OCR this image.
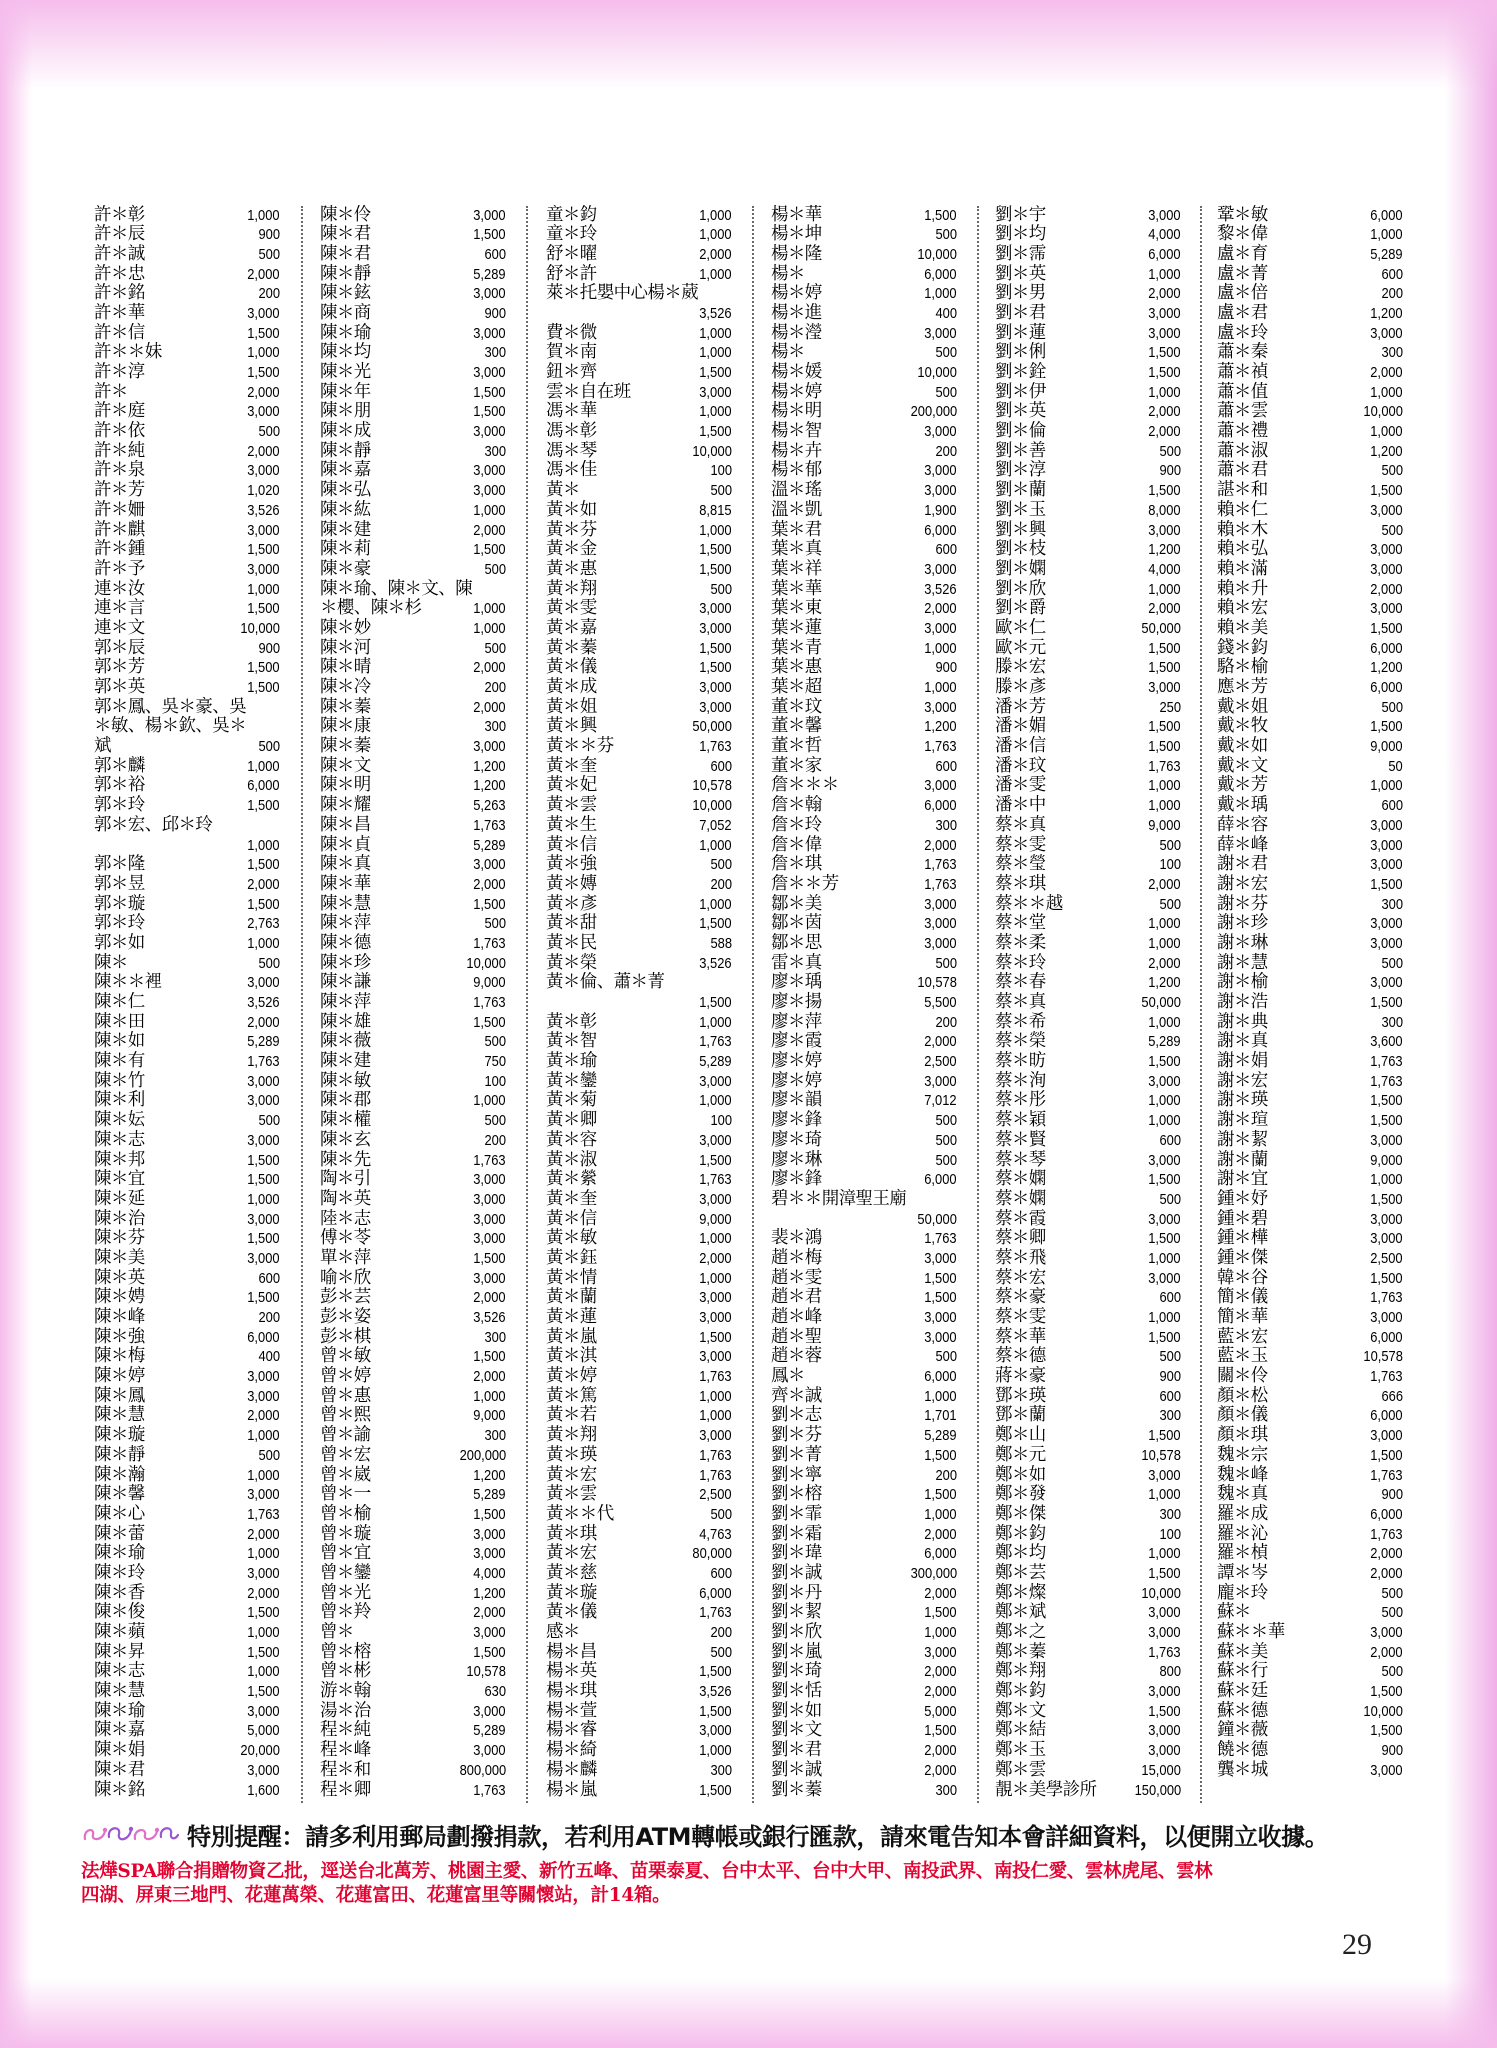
許＊彰	1,000
許＊辰	900
許＊誠	500
許＊忠	2,000
許＊銘	200
許＊華	3,000
許＊信	1,500
許＊＊妹	1,000
許＊淳	1,500
許＊	2,000
許＊庭	3,000
許＊依	500
許＊純	2,000
許＊泉	3,000
許＊芳	1,020
許＊姍	3,526
許＊麒	3,000
許＊鍾	1,500
許＊予	3,000
連＊汝	1,000
連＊言	1,500
連＊文	10,000
郭＊辰	900
郭＊芳	1,500
郭＊英	1,500
郭＊鳳、吳＊豪、吳
＊敏、楊＊欽、吳＊
斌	500
郭＊麟	1,000
郭＊裕	6,000
郭＊玲	1,500
郭＊宏、邱＊玲
1,000
郭＊隆	1,500
郭＊昱	2,000
郭＊璇	1,500
郭＊玲	2,763
郭＊如	1,000
陳＊	500
陳＊＊裡	3,000
陳＊仁	3,526
陳＊田	2,000
陳＊如	5,289
陳＊有	1,763
陳＊竹	3,000
陳＊利	3,000
陳＊妘	500
陳＊志	3,000
陳＊邦	1,500
陳＊宜	1,500
陳＊延	1,000
陳＊治	3,000
陳＊芬	1,500
陳＊美	3,000
陳＊英	600
陳＊娉	1,500
陳＊峰	200
陳＊強	6,000
陳＊梅	400
陳＊婷	3,000
陳＊鳳	3,000
陳＊慧	2,000
陳＊璇	1,000
陳＊靜	500
陳＊瀚	1,000
陳＊馨	3,000
陳＊心	1,763
陳＊蕾	2,000
陳＊瑜	1,000
陳＊玲	3,000
陳＊香	2,000
陳＊俊	1,500
陳＊蘋	1,000
陳＊昇	1,500
陳＊志	1,000
陳＊慧	1,500
陳＊瑜	3,000
陳＊嘉	5,000
陳＊娟	20,000
陳＊君	3,000
陳＊銘	1,600
陳＊伶	3,000
陳＊君	1,500
陳＊君	600
陳＊靜	5,289
陳＊鉉	3,000
陳＊商	900
陳＊瑜	3,000
陳＊均	300
陳＊光	3,000
陳＊年	1,500
陳＊朋	1,500
陳＊成	3,000
陳＊靜	300
陳＊嘉	3,000
陳＊弘	3,000
陳＊紘	1,000
陳＊建	2,000
陳＊莉	1,500
陳＊豪	500
陳＊瑜、陳＊文、陳
＊櫻、陳＊杉	1,000
陳＊妙	1,000
陳＊河	500
陳＊晴	2,000
陳＊冷	200
陳＊蓁	2,000
陳＊康	300
陳＊蓁	3,000
陳＊文	1,200
陳＊明	1,200
陳＊耀	5,263
陳＊昌	1,763
陳＊貞	5,289
陳＊真	3,000
陳＊華	2,000
陳＊慧	1,500
陳＊萍	500
陳＊德	1,763
陳＊珍	10,000
陳＊謙	9,000
陳＊萍	1,763
陳＊雄	1,500
陳＊薇	500
陳＊建	750
陳＊敏	100
陳＊郡	1,000
陳＊權	500
陳＊玄	200
陳＊先	1,763
陶＊引	3,000
陶＊英	3,000
陸＊志	3,000
傅＊苓	3,000
單＊萍	1,500
喻＊欣	3,000
彭＊芸	2,000
彭＊姿	3,526
彭＊棋	300
曾＊敏	1,500
曾＊婷	2,000
曾＊惠	1,000
曾＊熙	9,000
曾＊諭	300
曾＊宏	200,000
曾＊崴	1,200
曾＊一	5,289
曾＊榆	1,500
曾＊璇	3,000
曾＊宜	3,000
曾＊鑾	4,000
曾＊光	1,200
曾＊羚	2,000
曾＊	3,000
曾＊榕	1,500
曾＊彬	10,578
游＊翰	630
湯＊治	3,000
程＊純	5,289
程＊峰	3,000
程＊和	800,000
程＊卿	1,763
童＊鈞	1,000
童＊玲	1,000
舒＊曜	2,000
舒＊許	1,000
萊＊托嬰中心楊＊葳
3,526
費＊微	1,000
賀＊南	1,000
鈕＊齊	1,500
雲＊自在班	3,000
馮＊華	1,000
馮＊彰	1,500
馮＊琴	10,000
馮＊佳	100
黃＊	500
黃＊如	8,815
黃＊芬	1,000
黃＊金	1,500
黃＊惠	1,500
黃＊翔	500
黃＊雯	3,000
黃＊嘉	3,000
黃＊蓁	1,500
黃＊儀	1,500
黃＊成	3,000
黃＊姐	3,000
黃＊興	50,000
黃＊＊芬	1,763
黃＊奎	600
黃＊妃	10,578
黃＊雲	10,000
黃＊生	7,052
黃＊信	1,000
黃＊強	500
黃＊嫥	200
黃＊彥	1,000
黃＊甜	1,500
黃＊民	588
黃＊榮	3,526
黃＊倫、蕭＊菁
1,500
黃＊彰	1,000
黃＊智	1,763
黃＊瑜	5,289
黃＊鑾	3,000
黃＊菊	1,000
黃＊卿	100
黃＊容	3,000
黃＊淑	1,500
黃＊縈	1,763
黃＊奎	3,000
黃＊信	9,000
黃＊敏	1,000
黃＊鈺	2,000
黃＊情	1,000
黃＊蘭	3,000
黃＊蓮	3,000
黃＊嵐	1,500
黃＊淇	3,000
黃＊婷	1,763
黃＊篤	1,000
黃＊若	1,000
黃＊翔	3,000
黃＊瑛	1,763
黃＊宏	1,763
黃＊雲	2,500
黃＊＊代	500
黃＊琪	4,763
黃＊宏	80,000
黃＊慈	600
黃＊璇	6,000
黃＊儀	1,763
感＊	200
楊＊昌	500
楊＊英	1,500
楊＊琪	3,526
楊＊萱	1,500
楊＊睿	3,000
楊＊綺	1,000
楊＊麟	300
楊＊嵐	1,500
楊＊華	1,500
楊＊坤	500
楊＊隆	10,000
楊＊	6,000
楊＊婷	1,000
楊＊進	400
楊＊瀅	3,000
楊＊	500
楊＊媛	10,000
楊＊婷	500
楊＊明	200,000
楊＊智	3,000
楊＊卉	200
楊＊郁	3,000
溫＊瑤	3,000
溫＊凱	1,900
葉＊君	6,000
葉＊真	600
葉＊祥	3,000
葉＊華	3,526
葉＊東	2,000
葉＊蓮	3,000
葉＊青	1,000
葉＊惠	900
葉＊超	1,000
董＊玟	3,000
董＊馨	1,200
董＊哲	1,763
董＊家	600
詹＊＊＊	3,000
詹＊翰	6,000
詹＊玲	300
詹＊偉	2,000
詹＊琪	1,763
詹＊＊芳	1,763
鄒＊美	3,000
鄒＊茵	3,000
鄒＊思	3,000
雷＊真	500
廖＊瑀	10,578
廖＊揚	5,500
廖＊萍	200
廖＊霞	2,000
廖＊婷	2,500
廖＊婷	3,000
廖＊韻	7,012
廖＊鋒	500
廖＊琦	500
廖＊琳	500
廖＊鋒	6,000
碧＊＊開漳聖王廟
50,000
裴＊鴻	1,763
趙＊梅	3,000
趙＊雯	1,500
趙＊君	1,500
趙＊峰	3,000
趙＊聖	3,000
趙＊蓉	500
鳳＊	6,000
齊＊誠	1,000
劉＊志	1,701
劉＊芬	5,289
劉＊菁	1,500
劉＊寧	200
劉＊榕	1,500
劉＊霏	1,000
劉＊霜	2,000
劉＊瑋	6,000
劉＊誠	300,000
劉＊丹	2,000
劉＊絜	1,500
劉＊欣	1,000
劉＊嵐	3,000
劉＊琦	2,000
劉＊恬	2,000
劉＊如	5,000
劉＊文	1,500
劉＊君	2,000
劉＊誠	2,000
劉＊蓁	300
劉＊宇	3,000
劉＊均	4,000
劉＊霈	6,000
劉＊英	1,000
劉＊男	2,000
劉＊君	3,000
劉＊蓮	3,000
劉＊俐	1,500
劉＊銓	1,500
劉＊伊	1,000
劉＊英	2,000
劉＊倫	2,000
劉＊善	500
劉＊淳	900
劉＊蘭	1,500
劉＊玉	8,000
劉＊興	3,000
劉＊枝	1,200
劉＊嫻	4,000
劉＊欣	1,000
劉＊爵	2,000
歐＊仁	50,000
歐＊元	1,500
滕＊宏	1,500
滕＊彥	3,000
潘＊芳	250
潘＊媚	1,500
潘＊信	1,500
潘＊玟	1,763
潘＊雯	1,000
潘＊中	1,000
蔡＊真	9,000
蔡＊雯	500
蔡＊瑩	100
蔡＊琪	2,000
蔡＊＊越	500
蔡＊堂	1,000
蔡＊柔	1,000
蔡＊玲	2,000
蔡＊春	1,200
蔡＊真	50,000
蔡＊希	1,000
蔡＊榮	5,289
蔡＊昉	1,500
蔡＊洵	3,000
蔡＊彤	1,000
蔡＊穎	1,000
蔡＊賢	600
蔡＊琴	3,000
蔡＊嫻	1,500
蔡＊嫻	500
蔡＊霞	3,000
蔡＊卿	1,500
蔡＊飛	1,000
蔡＊宏	3,000
蔡＊豪	600
蔡＊雯	1,000
蔡＊華	1,500
蔡＊德	500
蔣＊豪	900
鄧＊瑛	600
鄧＊蘭	300
鄭＊山	1,500
鄭＊元	10,578
鄭＊如	3,000
鄭＊發	1,000
鄭＊傑	300
鄭＊鈞	100
鄭＊均	1,000
鄭＊芸	1,500
鄭＊燦	10,000
鄭＊斌	3,000
鄭＊之	3,000
鄭＊蓁	1,763
鄭＊翔	800
鄭＊鈞	3,000
鄭＊文	1,500
鄭＊結	3,000
鄭＊玉	3,000
鄭＊雲	15,000
靚＊美學診所	150,000
鞏＊敏	6,000
黎＊偉	1,000
盧＊育	5,289
盧＊菁	600
盧＊倍	200
盧＊君	1,200
盧＊玲	3,000
蕭＊秦	300
蕭＊禎	2,000
蕭＊值	1,000
蕭＊雲	10,000
蕭＊禮	1,000
蕭＊淑	1,200
蕭＊君	500
諶＊和	1,500
賴＊仁	3,000
賴＊木	500
賴＊弘	3,000
賴＊滿	3,000
賴＊升	2,000
賴＊宏	3,000
賴＊美	1,500
錢＊鈞	6,000
駱＊榆	1,200
應＊芳	6,000
戴＊姐	500
戴＊牧	1,500
戴＊如	9,000
戴＊文	50
戴＊芳	1,000
戴＊瑀	600
薛＊容	3,000
薛＊峰	3,000
謝＊君	3,000
謝＊宏	1,500
謝＊芬	300
謝＊珍	3,000
謝＊琳	3,000
謝＊慧	500
謝＊榆	3,000
謝＊浩	1,500
謝＊典	300
謝＊真	3,600
謝＊娟	1,763
謝＊宏	1,763
謝＊瑛	1,500
謝＊瑄	1,500
謝＊絜	3,000
謝＊蘭	9,000
謝＊宜	1,000
鍾＊妤	1,500
鍾＊碧	3,000
鍾＊樺	3,000
鍾＊傑	2,500
韓＊谷	1,500
簡＊儀	1,763
簡＊華	3,000
藍＊宏	6,000
藍＊玉	10,578
關＊伶	1,763
顏＊松	666
顏＊儀	6,000
顏＊琪	3,000
魏＊宗	1,500
魏＊峰	1,763
魏＊真	900
羅＊成	6,000
羅＊沁	1,763
羅＊楨	2,000
譚＊岑	2,000
龐＊玲	500
蘇＊	500
蘇＊＊華	3,000
蘇＊美	2,000
蘇＊行	500
蘇＊廷	1,500
蘇＊德	10,000
鐘＊薇	1,500
饒＊德	900
龔＊城	3,000
特別提醒：請多利用郵局劃撥捐款，若利用ATM轉帳或銀行匯款，請來電告知本會詳細資料，以便開立收據。
法燁SPA聯合捐贈物資乙批，逕送台北萬芳、桃園主愛、新竹五峰、苗栗泰夏、台中太平、台中大甲、南投武界、南投仁愛、雲林虎尾、雲林
四湖、屏東三地門、花蓮萬榮、花蓮富田、花蓮富里等關懷站，計14箱。
29
